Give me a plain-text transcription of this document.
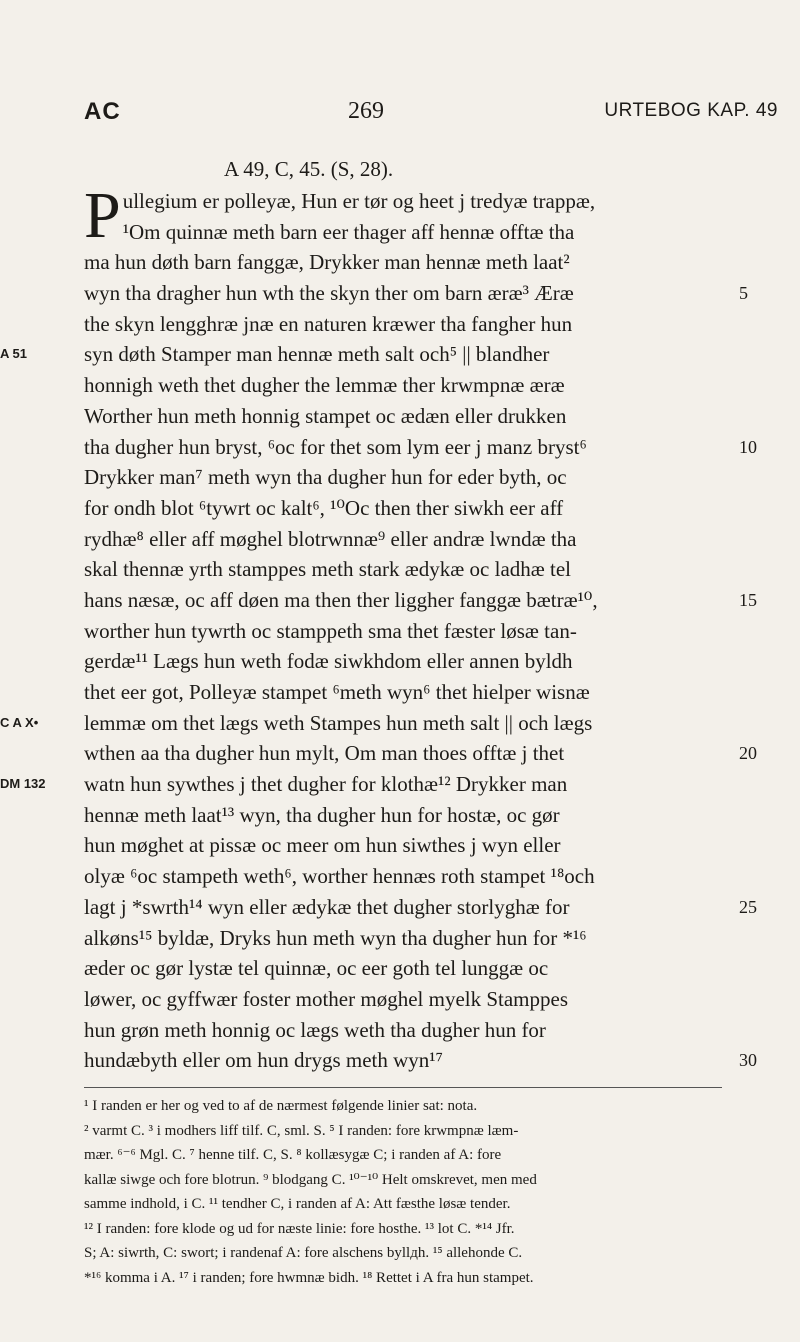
AC	269	URTEBOG KAP. 49
A 49, C, 45. (S, 28).
Pullegium er polleyæ, Hun er tør og heet j tredyæ trappæ,
¹Om quinnæ meth barn eer thager aff hennæ offtæ tha
ma hun døth barn fanggæ, Drykker man hennæ meth laat²
wyn tha dragher hun wth the skyn ther om barn æræ³ Æræ	5
the skyn lengghræ jnæ en naturen kræwer tha fangher hun
A 51	syn døth Stamper man hennæ meth salt och⁵ || blandher
honnigh weth thet dugher the lemmæ ther krwmpnæ æræ
Worther hun meth honnig stampet oc ædæn eller drukken
tha dugher hun bryst, ⁶oc for thet som lym eer j manz bryst⁶	10
Drykker man⁷ meth wyn tha dugher hun for eder byth, oc
for ondh blot ⁶tywrt oc kalt⁶, ¹⁰Oc then ther siwkh eer aff
rydhæ⁸ eller aff møghel blotrwnnæ⁹ eller andræ lwndæ tha
skal thennæ yrth stamppes meth stark ædykæ oc ladhæ tel
hans næsæ, oc aff døen ma then ther liggher fanggæ bætræ¹⁰,	15
worther hun tywrth oc stamppeth sma thet fæster løsæ tan-
gerdæ¹¹ Lægs hun weth fodæ siwkhdom eller annen byldh
thet eer got, Polleyæ stampet ⁶meth wyn⁶ thet hielper wisnæ
C A X•	lemmæ om thet lægs weth Stampes hun meth salt || och lægs
wthen aa tha dugher hun mylt, Om man thoes offtæ j thet	20
DM 132	watn hun sywthes j thet dugher for klothæ¹² Drykker man
hennæ meth laat¹³ wyn, tha dugher hun for hostæ, oc gør
hun møghet at pissæ oc meer om hun siwthes j wyn eller
olyæ ⁶oc stampeth weth⁶, worther hennæs roth stampet ¹⁸och
lagt j *swrth¹⁴ wyn eller ædykæ thet dugher storlyghæ for	25
alkøns¹⁵ byldæ, Dryks hun meth wyn tha dugher hun for *¹⁶
æder oc gør lystæ tel quinnæ, oc eer goth tel lunggæ oc
løwer, oc gyffwær foster mother møghel myelk Stamppes
hun grøn meth honnig oc lægs weth tha dugher hun for
hundæbyth eller om hun drygs meth wyn¹⁷	30
¹ I randen er her og ved to af de nærmest følgende linier sat: nota.
² varmt C. ³ i modhers liff tilf. C, sml. S. ⁵ I randen: fore krwmpnæ læm-
mær. ⁶⁻⁶ Mgl. C. ⁷ henne tilf. C, S. ⁸ kollæsygæ C; i randen af A: fore
kallæ siwge och fore blotrun. ⁹ blodgang C. ¹⁰⁻¹⁰ Helt omskrevet, men med
samme indhold, i C. ¹¹ tendher C, i randen af A: Att fæsthe løsæ tender.
¹² I randen: fore klode og ud for næste linie: fore hosthe. ¹³ lot C. *¹⁴ Jfr.
S; A: siwrth, C: swort; i randenaf A: fore alschens byllдh. ¹⁵ allehonde C.
*¹⁶ komma i A. ¹⁷ i randen; fore hwmnæ bidh. ¹⁸ Rettet i A fra hun stampet.
